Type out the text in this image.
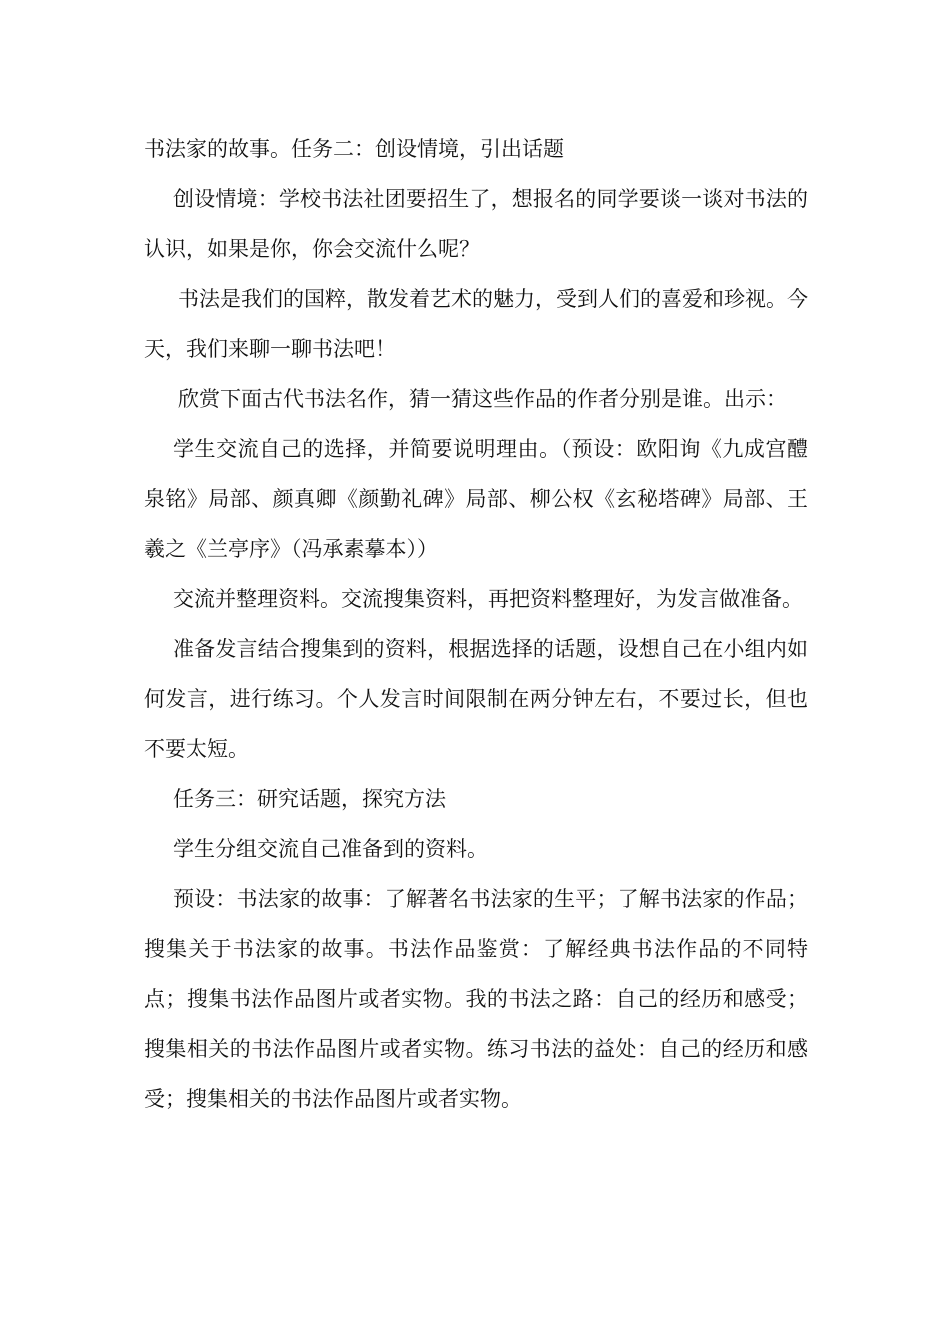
书法家的故事。任务二：创设情境，引出话题

创设情境：学校书法社团要招生了，想报名的同学要谈一谈对书法的认识，如果是你，你会交流什么呢？

书法是我们的国粹，散发着艺术的魅力，受到人们的喜爱和珍视。今天，我们来聊一聊书法吧！

欣赏下面古代书法名作，猜一猜这些作品的作者分别是谁。出示：

学生交流自己的选择，并简要说明理由。（预设：欧阳询《九成宫醴泉铭》局部、颜真卿《颜勤礼碑》局部、柳公权《玄秘塔碑》局部、王羲之《兰亭序》（冯承素摹本））

交流并整理资料。交流搜集资料，再把资料整理好，为发言做准备。

准备发言结合搜集到的资料，根据选择的话题，设想自己在小组内如何发言，进行练习。个人发言时间限制在两分钟左右，不要过长，但也不要太短。

任务三：研究话题，探究方法

学生分组交流自己准备到的资料。

预设：书法家的故事：了解著名书法家的生平；了解书法家的作品；搜集关于书法家的故事。书法作品鉴赏：了解经典书法作品的不同特点；搜集书法作品图片或者实物。我的书法之路：自己的经历和感受；搜集相关的书法作品图片或者实物。练习书法的益处：自己的经历和感受；搜集相关的书法作品图片或者实物。
